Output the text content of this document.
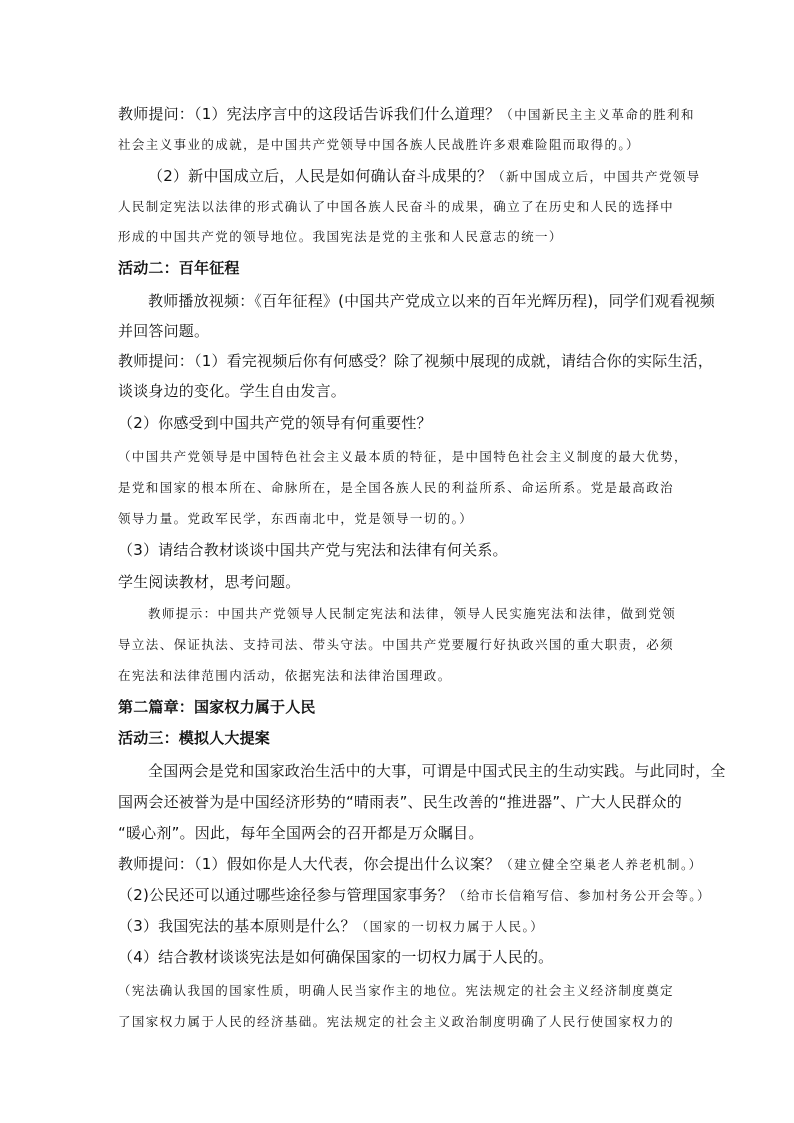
教师提问：（1）宪法序言中的这段话告诉我们什么道理？（中国新民主主义革命的胜利和
社会主义事业的成就，是中国共产党领导中国各族人民战胜许多艰难险阻而取得的。）
（2）新中国成立后，人民是如何确认奋斗成果的？（新中国成立后，中国共产党领导
人民制定宪法以法律的形式确认了中国各族人民奋斗的成果，确立了在历史和人民的选择中
形成的中国共产党的领导地位。我国宪法是党的主张和人民意志的统一）
活动二：百年征程
教师播放视频：《百年征程》(中国共产党成立以来的百年光辉历程)，同学们观看视频
并回答问题。
教师提问：（1）看完视频后你有何感受？除了视频中展现的成就，请结合你的实际生活，
谈谈身边的变化。学生自由发言。
（2）你感受到中国共产党的领导有何重要性？
（中国共产党领导是中国特色社会主义最本质的特征，是中国特色社会主义制度的最大优势，
是党和国家的根本所在、命脉所在，是全国各族人民的利益所系、命运所系。党是最高政治
领导力量。党政军民学，东西南北中，党是领导一切的。）
（3）请结合教材谈谈中国共产党与宪法和法律有何关系。
学生阅读教材，思考问题。
教师提示：中国共产党领导人民制定宪法和法律，领导人民实施宪法和法律，做到党领
导立法、保证执法、支持司法、带头守法。中国共产党要履行好执政兴国的重大职责，必须
在宪法和法律范围内活动，依据宪法和法律治国理政。
第二篇章：国家权力属于人民
活动三：模拟人大提案
全国两会是党和国家政治生活中的大事，可谓是中国式民主的生动实践。与此同时，全
国两会还被誉为是中国经济形势的“晴雨表”、民生改善的“推进器”、广大人民群众的
“暖心剂”。因此，每年全国两会的召开都是万众瞩目。
教师提问：（1）假如你是人大代表，你会提出什么议案？（建立健全空巢老人养老机制。）
（2)公民还可以通过哪些途径参与管理国家事务？（给市长信箱写信、参加村务公开会等。）
（3）我国宪法的基本原则是什么？（国家的一切权力属于人民。）
（4）结合教材谈谈宪法是如何确保国家的一切权力属于人民的。
（宪法确认我国的国家性质，明确人民当家作主的地位。宪法规定的社会主义经济制度奠定
了国家权力属于人民的经济基础。宪法规定的社会主义政治制度明确了人民行使国家权力的
